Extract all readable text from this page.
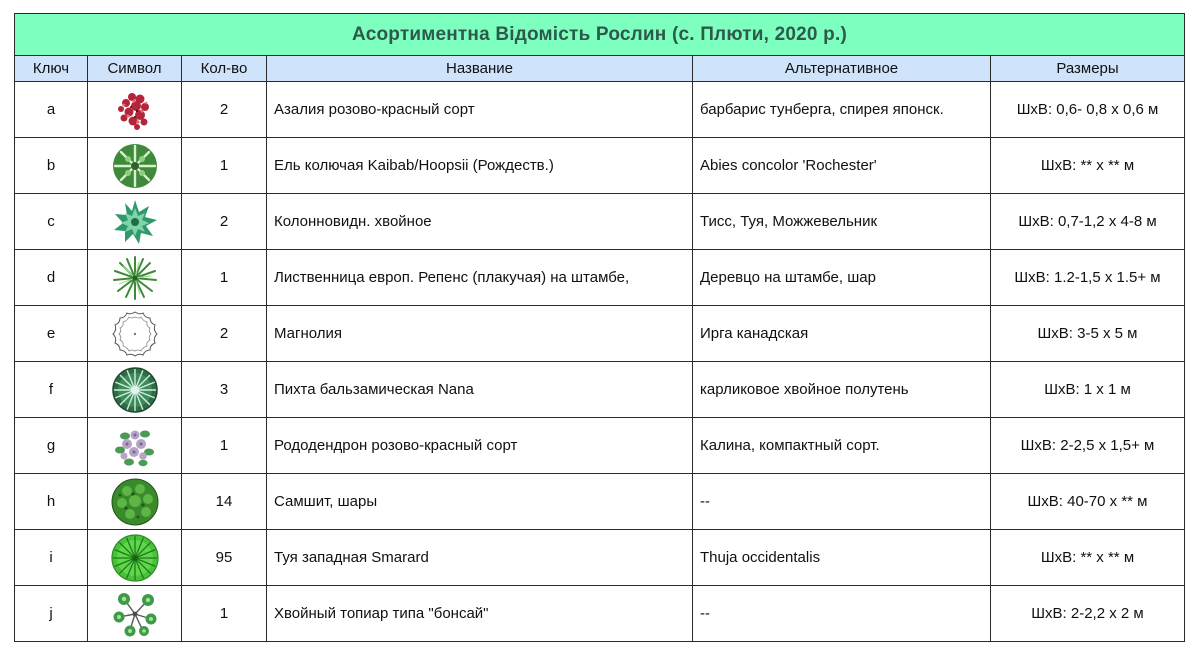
Асортиментна Відомість Рослин (с. Плюти, 2020 р.)					
Ключ	Символ	Кол-во	Название	Альтернативное	Размеры
a		2	Азалия розово-красный сорт	барбарис тунберга, спирея японск.	ШхВ: 0,6- 0,8 х 0,6 м
b		1	Ель колючая Kaibab/Hoopsii (Рождеств.)	Abies concolor 'Rochester'	ШхВ: ** х ** м
c		2	Колонновидн. хвойное	Тисс, Туя, Можжевельник	ШхВ: 0,7-1,2 х 4-8 м
d		1	Лиственница европ. Репенс (плакучая) на штамбе,	Деревцо на штамбе, шар	ШхВ: 1.2-1,5 х 1.5+ м
e		2	Магнолия	Ирга канадская	ШхВ: 3-5 х 5 м
f		3	Пихта бальзамическая Nana	карликовое хвойное полутень	ШхВ: 1 х 1 м
g		1	Рододендрон розово-красный сорт	Калина, компактный сорт.	ШхВ: 2-2,5 х 1,5+ м
h		14	Самшит, шары	--	ШхВ: 40-70 х ** м
i		95	Туя западная Smarard	Thuja occidentalis	ШхВ: ** х ** м
j		1	Хвойный топиар типа "бонсай"	--	ШхВ: 2-2,2 х 2 м
